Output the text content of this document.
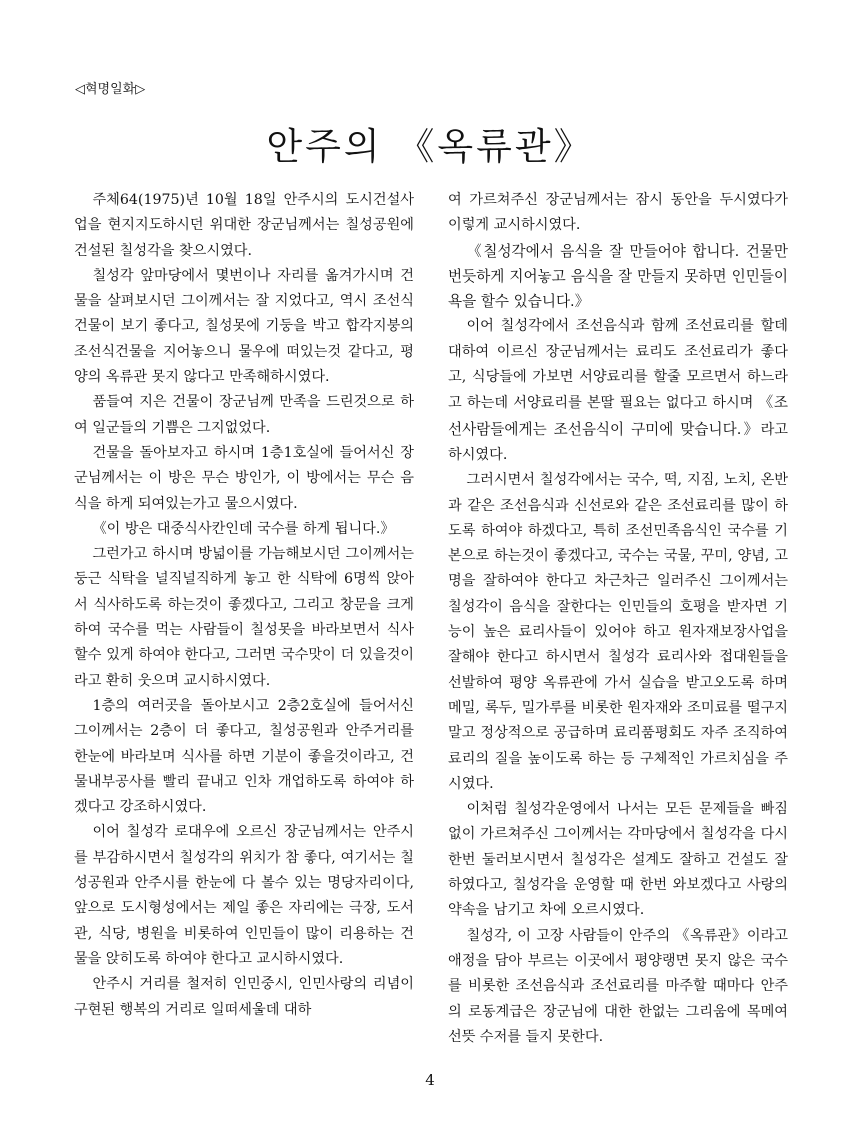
◁혁명일화▷
안주의 《옥류관》

주체64(1975)년 10월 18일 안주시의 도시건설사업을 현지지도하시던 위대한 장군님께서는 칠성공원에 건설된 칠성각을 찾으시였다.

칠성각 앞마당에서 몇번이나 자리를 옮겨가시며 건물을 살펴보시던 그이께서는 잘 지었다고, 역시 조선식건물이 보기 좋다고, 칠성못에 기둥을 박고 합각지붕의 조선식건물을 지어놓으니 물우에 떠있는것 같다고, 평양의 옥류관 못지 않다고 만족해하시였다.

품들여 지은 건물이 장군님께 만족을 드린것으로 하여 일군들의 기쁨은 그지없었다.

건물을 돌아보자고 하시며 1층1호실에 들어서신 장군님께서는 이 방은 무슨 방인가, 이 방에서는 무슨 음식을 하게 되여있는가고 물으시였다.

《이 방은 대중식사칸인데 국수를 하게 됩니다.》

그런가고 하시며 방넓이를 가늠해보시던 그이께서는 둥근 식탁을 널직널직하게 놓고 한 식탁에 6명씩 앉아서 식사하도록 하는것이 좋겠다고, 그리고 창문을 크게 하여 국수를 먹는 사람들이 칠성못을 바라보면서 식사할수 있게 하여야 한다고, 그러면 국수맛이 더 있을것이라고 환히 웃으며 교시하시였다.

1층의 여러곳을 돌아보시고 2층2호실에 들어서신 그이께서는 2층이 더 좋다고, 칠성공원과 안주거리를 한눈에 바라보며 식사를 하면 기분이 좋을것이라고, 건물내부공사를 빨리 끝내고 인차 개업하도록 하여야 하겠다고 강조하시였다.

이어 칠성각 로대우에 오르신 장군님께서는 안주시를 부감하시면서 칠성각의 위치가 참 좋다, 여기서는 칠성공원과 안주시를 한눈에 다 볼수 있는 명당자리이다, 앞으로 도시형성에서는 제일 좋은 자리에는 극장, 도서관, 식당, 병원을 비롯하여 인민들이 많이 리용하는 건물을 앉히도록 하여야 한다고 교시하시였다.

안주시 거리를 철저히 인민중시, 인민사랑의 리념이 구현된 행복의 거리로 일떠세울데 대하

여 가르쳐주신 장군님께서는 잠시 동안을 두시였다가 이렇게 교시하시였다.

《칠성각에서 음식을 잘 만들어야 합니다. 건물만 번듯하게 지어놓고 음식을 잘 만들지 못하면 인민들이 욕을 할수 있습니다.》

이어 칠성각에서 조선음식과 함께 조선료리를 할데 대하여 이르신 장군님께서는 료리도 조선료리가 좋다고, 식당들에 가보면 서양료리를 할줄 모르면서 하느라고 하는데 서양료리를 본딸 필요는 없다고 하시며 《조선사람들에게는 조선음식이 구미에 맞습니다.》라고 하시였다.

그러시면서 칠성각에서는 국수, 떡, 지짐, 노치, 온반과 같은 조선음식과 신선로와 같은 조선료리를 많이 하도록 하여야 하겠다고, 특히 조선민족음식인 국수를 기본으로 하는것이 좋겠다고, 국수는 국물, 꾸미, 양념, 고명을 잘하여야 한다고 차근차근 일러주신 그이께서는 칠성각이 음식을 잘한다는 인민들의 호평을 받자면 기능이 높은 료리사들이 있어야 하고 원자재보장사업을 잘해야 한다고 하시면서 칠성각 료리사와 접대원들을 선발하여 평양 옥류관에 가서 실습을 받고오도록 하며 메밀, 록두, 밀가루를 비롯한 원자재와 조미료를 떨구지 말고 정상적으로 공급하며 료리품평회도 자주 조직하여 료리의 질을 높이도록 하는 등 구체적인 가르치심을 주시였다.

이처럼 칠성각운영에서 나서는 모든 문제들을 빠짐없이 가르쳐주신 그이께서는 각마당에서 칠성각을 다시한번 둘러보시면서 칠성각은 설계도 잘하고 건설도 잘하였다고, 칠성각을 운영할 때 한번 와보겠다고 사랑의 약속을 남기고 차에 오르시였다.

칠성각, 이 고장 사람들이 안주의 《옥류관》이라고 애정을 담아 부르는 이곳에서 평양랭면 못지 않은 국수를 비롯한 조선음식과 조선료리를 마주할 때마다 안주의 로동계급은 장군님에 대한 한없는 그리움에 목메여 선뜻 수저를 들지 못한다.

4
